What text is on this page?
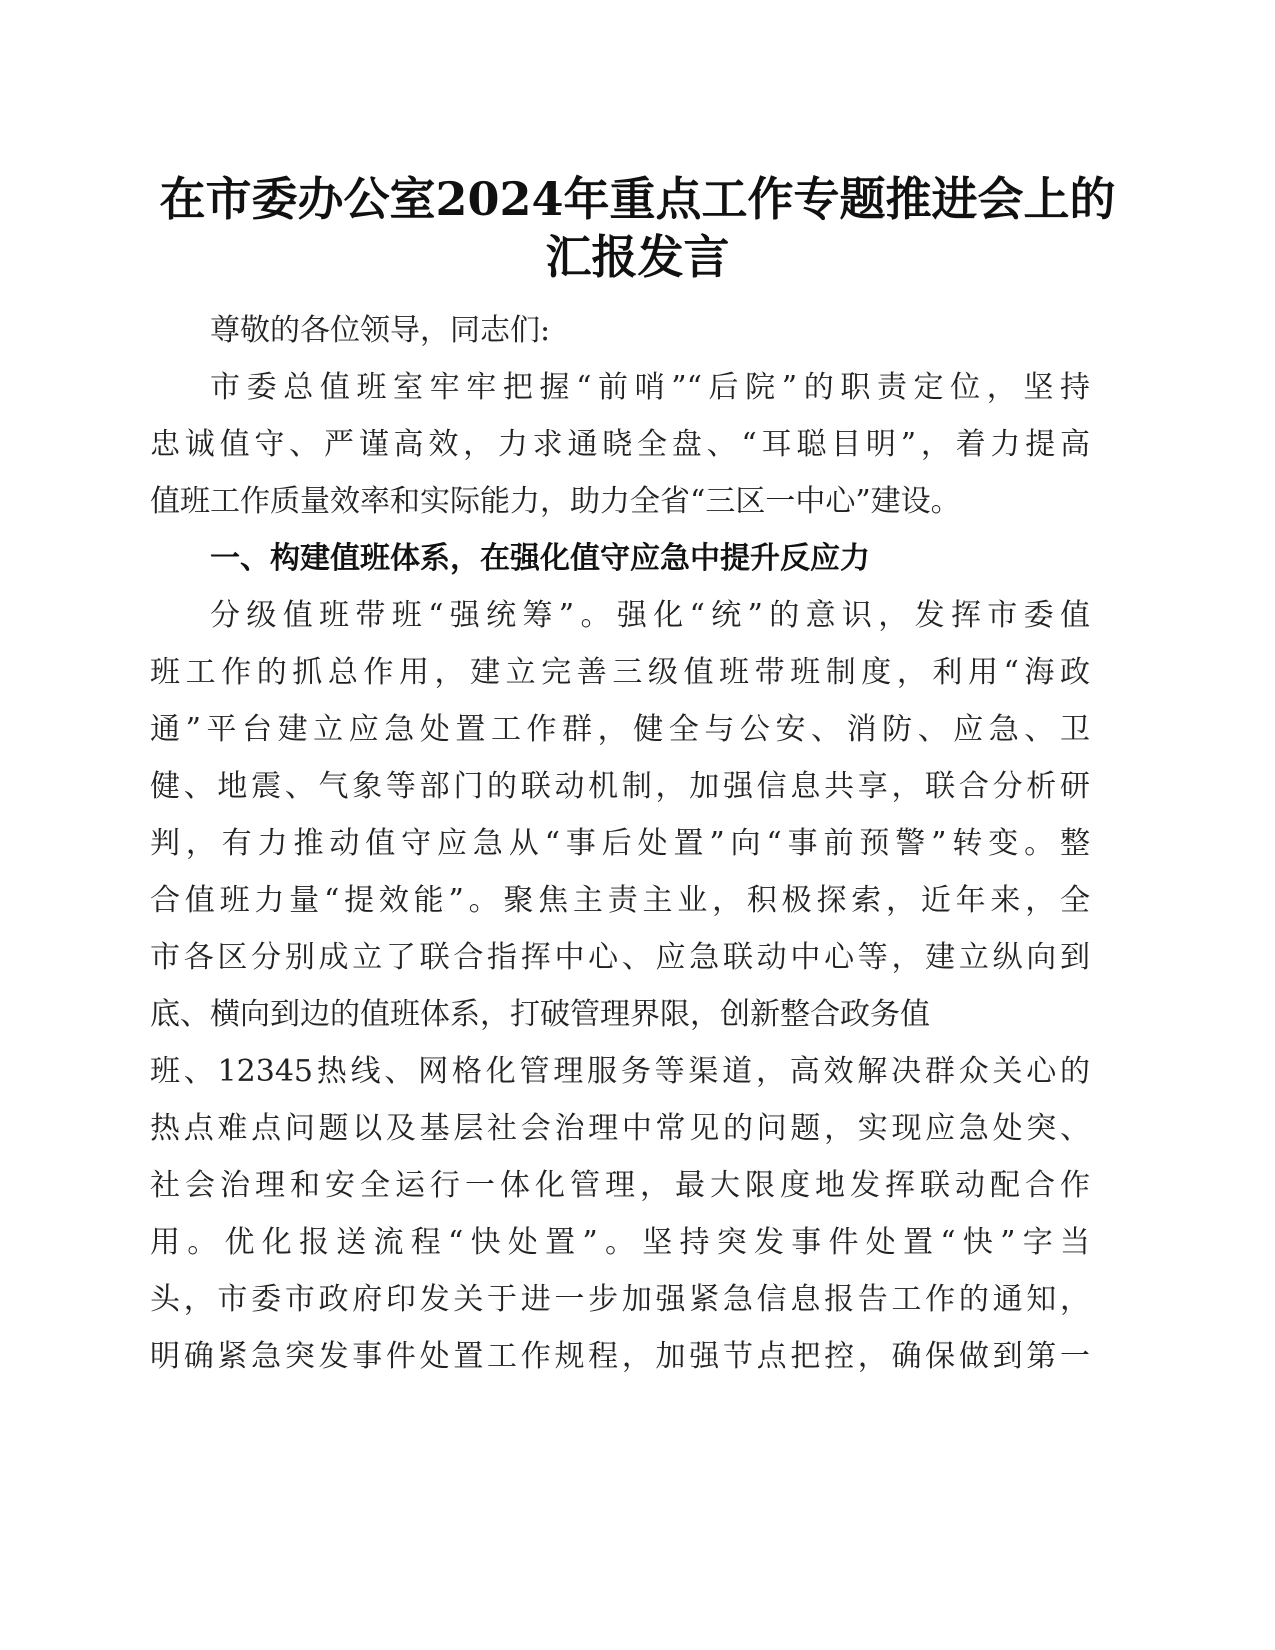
在市委办公室2024年重点工作专题推进会上的
汇报发言
尊敬的各位领导，同志们:
市委总值班室牢牢把握“前哨”“后院”的职责定位，坚持
忠诚值守、严谨高效，力求通晓全盘、“耳聪目明”，着力提高
值班工作质量效率和实际能力，助力全省“三区一中心”建设。
一、构建值班体系，在强化值守应急中提升反应力
分级值班带班“强统筹”。强化“统”的意识，发挥市委值
班工作的抓总作用，建立完善三级值班带班制度，利用“海政
通”平台建立应急处置工作群，健全与公安、消防、应急、卫
健、地震、气象等部门的联动机制，加强信息共享，联合分析研
判，有力推动值守应急从“事后处置”向“事前预警”转变。整
合值班力量“提效能”。聚焦主责主业，积极探索，近年来，全
市各区分别成立了联合指挥中心、应急联动中心等，建立纵向到
底、横向到边的值班体系，打破管理界限，创新整合政务值
班、12345热线、网格化管理服务等渠道，高效解决群众关心的
热点难点问题以及基层社会治理中常见的问题，实现应急处突、
社会治理和安全运行一体化管理，最大限度地发挥联动配合作
用。优化报送流程“快处置”。坚持突发事件处置“快”字当
头，市委市政府印发关于进一步加强紧急信息报告工作的通知，
明确紧急突发事件处置工作规程，加强节点把控，确保做到第一
